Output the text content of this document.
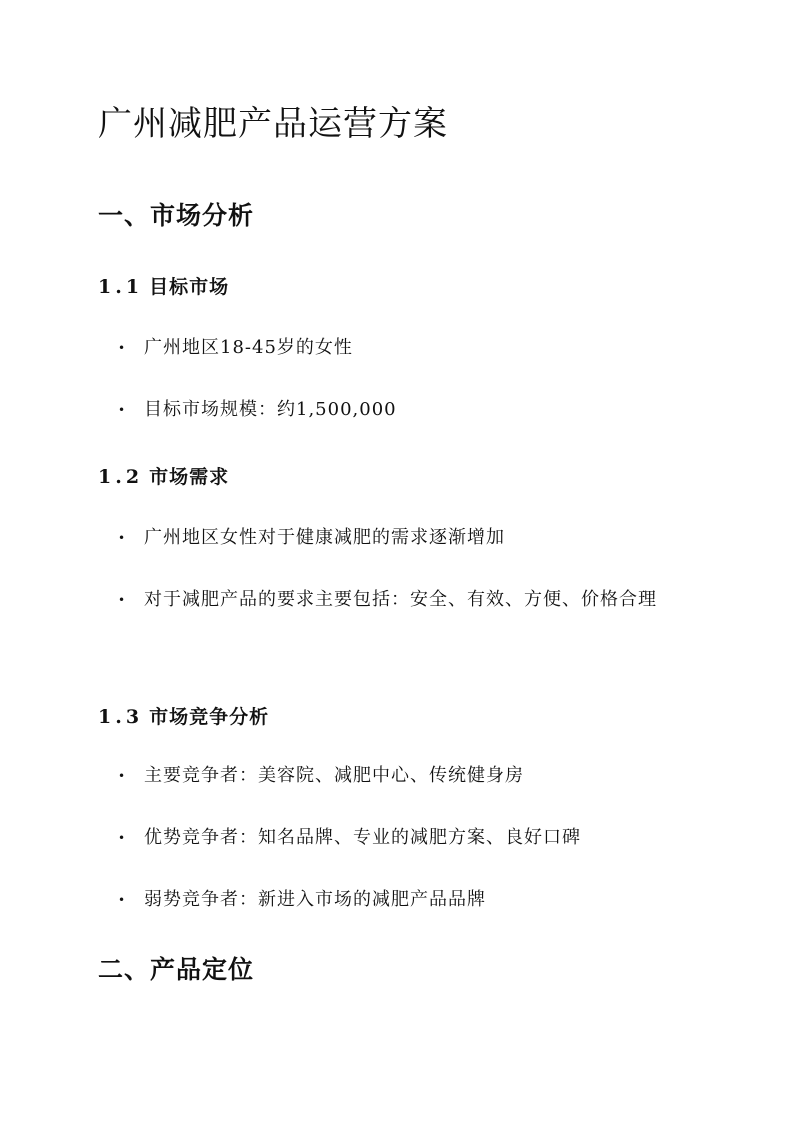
广州减肥产品运营方案
一、市场分析
1.1 目标市场
• 广州地区18-45岁的女性
• 目标市场规模：约1,500,000
1.2 市场需求
• 广州地区女性对于健康减肥的需求逐渐增加
• 对于减肥产品的要求主要包括：安全、有效、方便、价格合理
1.3 市场竞争分析
• 主要竞争者：美容院、减肥中心、传统健身房
• 优势竞争者：知名品牌、专业的减肥方案、良好口碑
• 弱势竞争者：新进入市场的减肥产品品牌
二、产品定位
